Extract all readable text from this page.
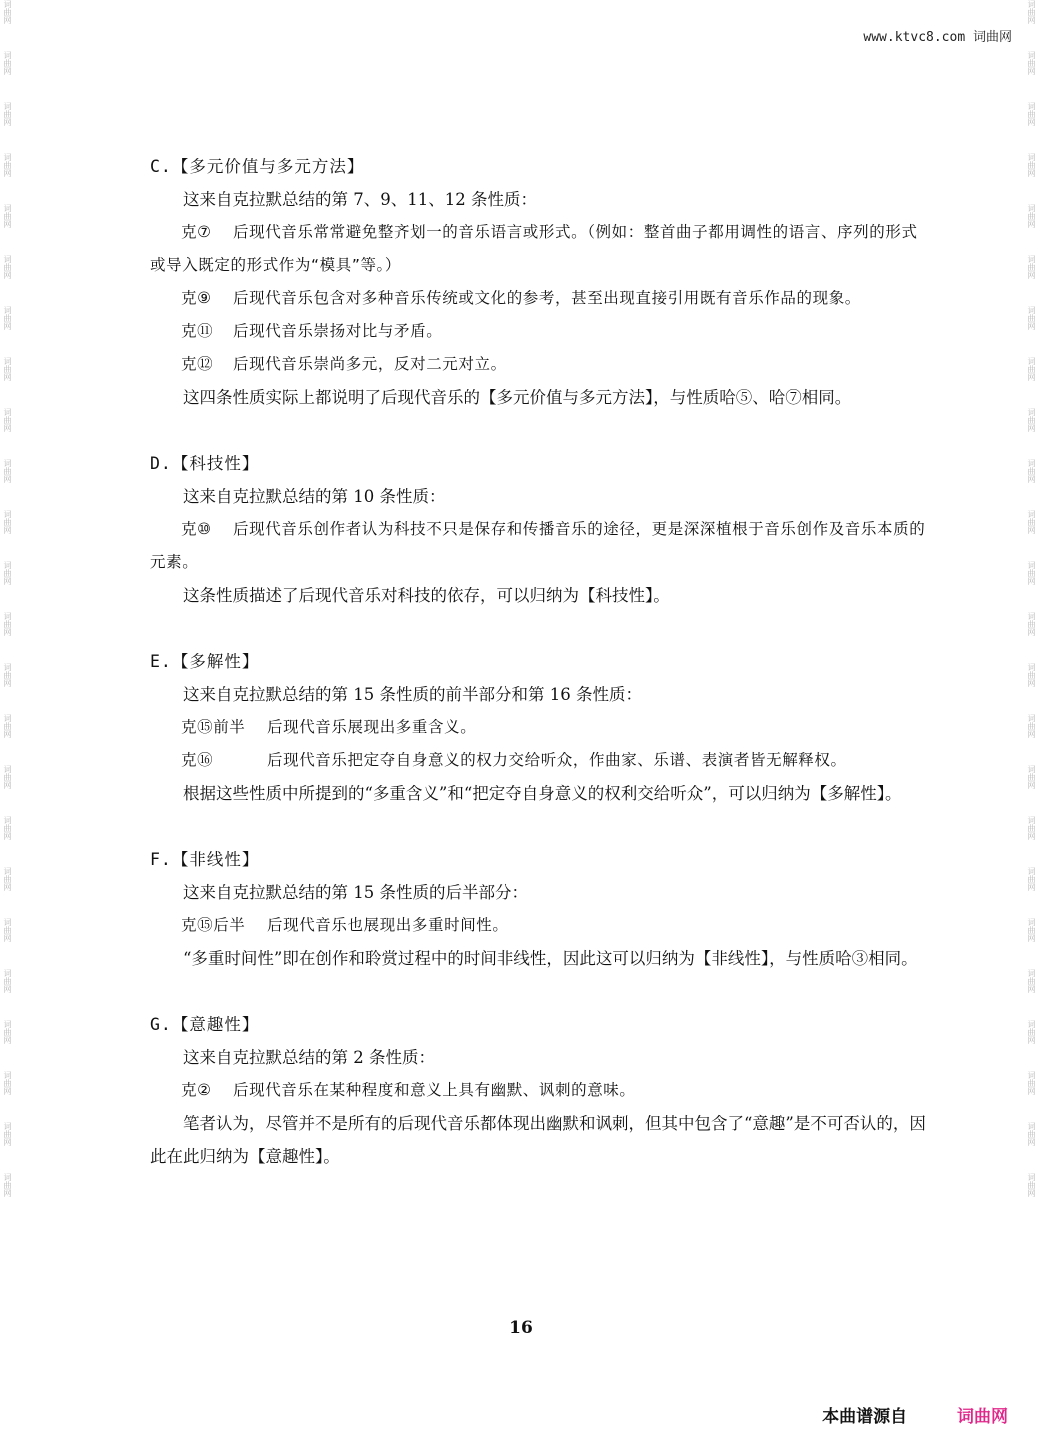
词曲网
词曲网
词曲网
词曲网
词曲网
词曲网
词曲网
词曲网
词曲网
词曲网
词曲网
词曲网
词曲网
词曲网
词曲网
词曲网
词曲网
词曲网
词曲网
词曲网
词曲网
词曲网
词曲网
词曲网
词曲网
词曲网
词曲网
词曲网
词曲网
词曲网
词曲网
词曲网
词曲网
词曲网
词曲网
词曲网
词曲网
词曲网
词曲网
词曲网
词曲网
词曲网
词曲网
词曲网
词曲网
词曲网
词曲网
词曲网
www.ktvc8.com 词曲网
C.【多元价值与多元方法】

这来自克拉默总结的第 7、9、11、12 条性质：

克⑦ 后现代音乐常常避免整齐划一的音乐语言或形式。（例如：整首曲子都用调性的语言、序列的形式或导入既定的形式作为“模具”等。）

克⑨ 后现代音乐包含对多种音乐传统或文化的参考，甚至出现直接引用既有音乐作品的现象。

克⑪ 后现代音乐崇扬对比与矛盾。

克⑫ 后现代音乐崇尚多元，反对二元对立。

这四条性质实际上都说明了后现代音乐的【多元价值与多元方法】，与性质哈⑤、哈⑦相同。

D.【科技性】

这来自克拉默总结的第 10 条性质：

克⑩ 后现代音乐创作者认为科技不只是保存和传播音乐的途径，更是深深植根于音乐创作及音乐本质的元素。

这条性质描述了后现代音乐对科技的依存，可以归纳为【科技性】。

E.【多解性】

这来自克拉默总结的第 15 条性质的前半部分和第 16 条性质：

克⑮前半 后现代音乐展现出多重含义。

克⑯	后现代音乐把定夺自身意义的权力交给听众，作曲家、乐谱、表演者皆无解释权。

根据这些性质中所提到的“多重含义”和“把定夺自身意义的权利交给听众”，可以归纳为【多解性】。

F.【非线性】

这来自克拉默总结的第 15 条性质的后半部分：

克⑮后半 后现代音乐也展现出多重时间性。

“多重时间性”即在创作和聆赏过程中的时间非线性，因此这可以归纳为【非线性】，与性质哈③相同。

G.【意趣性】

这来自克拉默总结的第 2 条性质：

克② 后现代音乐在某种程度和意义上具有幽默、讽刺的意味。

笔者认为，尽管并不是所有的后现代音乐都体现出幽默和讽刺，但其中包含了“意趣”是不可否认的，因此在此归纳为【意趣性】。

16
本曲谱源自	词曲网
